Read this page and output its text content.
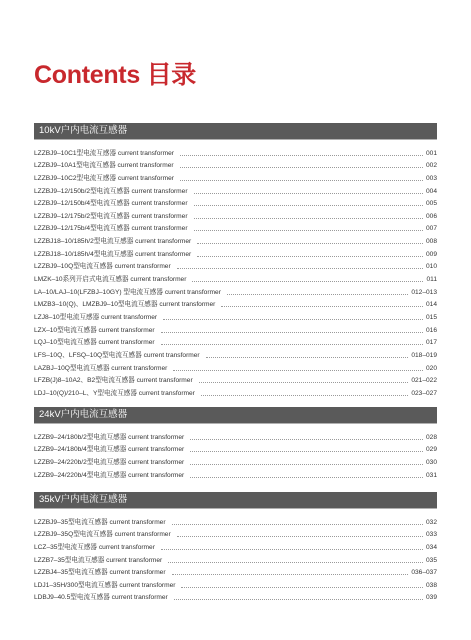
Contents 目录
10kV户内电流互感器
LZZBJ9–10C1型电流互感器 current transformer	001
LZZBJ9–10A1型电流互感器 current transformer	002
LZZBJ9–10C2型电流互感器 current transformer	003
LZZBJ9–12/150b/2型电流互感器 current transformer	004
LZZBJ9–12/150b/4型电流互感器 current transformer	005
LZZBJ9–12/175b/2型电流互感器 current transformer	006
LZZBJ9–12/175b/4型电流互感器 current transformer	007
LZZBJ18–10/185h/2型电流互感器 current transformer	008
LZZBJ18–10/185h/4型电流互感器 current transformer	009
LZZBJ9–10Q型电流互感器 current transformer	010
LMZK–10系列开启式电流互感器 current transformer	011
LA–10/LAJ–10(LFZBJ–10GY) 型电流互感器 current transformer	012–013
LMZB3–10(Q)、LMZBJ9–10型电流互感器 current transformer	014
LZJ8–10型电流互感器 current transformer	015
LZX–10型电流互感器 current transformer	016
LQJ–10型电流互感器 current transformer	017
LFS–10Q、LFSQ–10Q型电流互感器 current transformer	018–019
LAZBJ–10Q型电流互感器 current transformer	020
LFZB(J)8–10A2、B2型电流互感器 current transformer	021–022
LDJ–10(Q)/210–L、Y型电流互感器 current transformer	023–027
24kV户内电流互感器
LZZB9–24/180b/2型电流互感器 current transformer	028
LZZB9–24/180b/4型电流互感器 current transformer	029
LZZB9–24/220b/2型电流互感器 current transformer	030
LZZB9–24/220b/4型电流互感器 current transformer	031
35kV户内电流互感器
LZZBJ9–35型电流互感器 current transformer	032
LZZBJ9–35Q型电流互感器 current transformer	033
LCZ–35型电流互感器 current transformer	034
LZZB7–35型电流互感器 current transformer	035
LZZBJ4–35型电流互感器 current transformer	036–037
LDJ1–35H/300型电流互感器 current transformer	038
LDBJ9–40.5型电流互感器 current transformer	039
